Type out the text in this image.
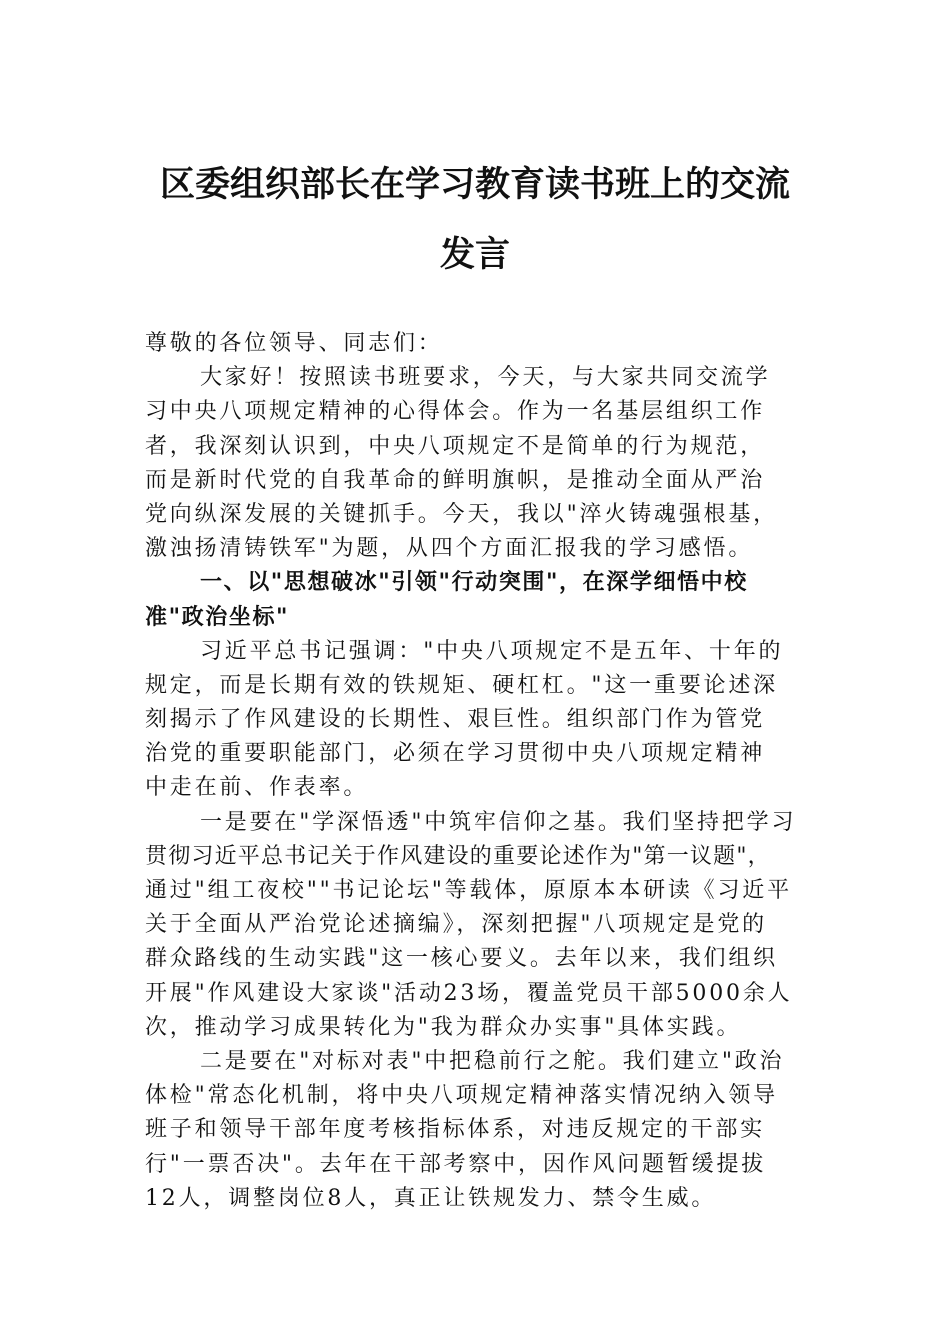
区委组织部长在学习教育读书班上的交流
发言
尊敬的各位领导、同志们：
大家好！按照读书班要求，今天，与大家共同交流学
习中央八项规定精神的心得体会。作为一名基层组织工作
者，我深刻认识到，中央八项规定不是简单的行为规范，
而是新时代党的自我革命的鲜明旗帜，是推动全面从严治
党向纵深发展的关键抓手。今天，我以"淬火铸魂强根基，
激浊扬清铸铁军"为题，从四个方面汇报我的学习感悟。
一、以"思想破冰"引领"行动突围"，在深学细悟中校
准"政治坐标"
习近平总书记强调："中央八项规定不是五年、十年的
规定，而是长期有效的铁规矩、硬杠杠。"这一重要论述深
刻揭示了作风建设的长期性、艰巨性。组织部门作为管党
治党的重要职能部门，必须在学习贯彻中央八项规定精神
中走在前、作表率。
一是要在"学深悟透"中筑牢信仰之基。我们坚持把学习
贯彻习近平总书记关于作风建设的重要论述作为"第一议题"，
通过"组工夜校""书记论坛"等载体，原原本本研读《习近平
关于全面从严治党论述摘编》，深刻把握"八项规定是党的
群众路线的生动实践"这一核心要义。去年以来，我们组织
开展"作风建设大家谈"活动23场，覆盖党员干部5000余人
次，推动学习成果转化为"我为群众办实事"具体实践。
二是要在"对标对表"中把稳前行之舵。我们建立"政治
体检"常态化机制，将中央八项规定精神落实情况纳入领导
班子和领导干部年度考核指标体系，对违反规定的干部实
行"一票否决"。去年在干部考察中，因作风问题暂缓提拔
12人，调整岗位8人，真正让铁规发力、禁令生威。
